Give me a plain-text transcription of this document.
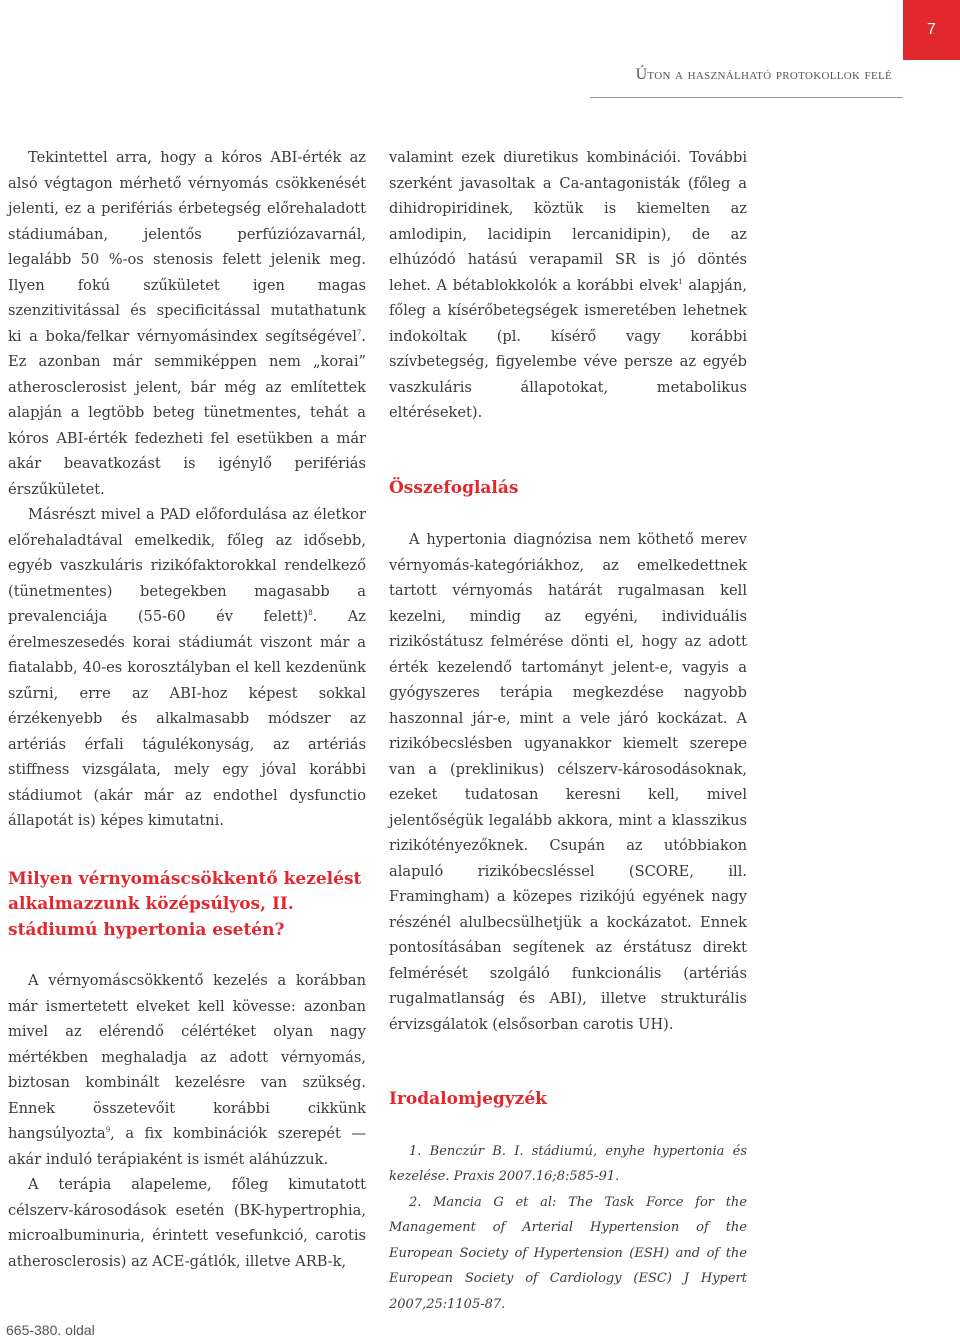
7
Úton a használható protokollok felé

Tekintettel arra, hogy a kóros ABI-érték az alsó végtagon mérhető vérnyomás csökkenését jelenti, ez a perifériás érbetegség előrehaladott stádiumában, jelentős perfúziózavarnál, legalább 50 %-os stenosis felett jelenik meg. Ilyen fokú szűkületet igen magas szenzitivitással és specificitással mutathatunk ki a boka/felkar vérnyomásindex segítségével$^7$. Ez azonban már semmiképpen nem „korai” atherosclerosist jelent, bár még az említettek alapján a legtöbb beteg tünetmentes, tehát a kóros ABI-érték fedezheti fel esetükben a már akár beavatkozást is igénylő perifériás érszűkületet.

Másrészt mivel a PAD előfordulása az életkor előrehaladtával emelkedik, főleg az idősebb, egyéb vaszkuláris rizikófaktorokkal rendelkező (tünetmentes) betegekben magasabb a prevalenciája (55-60 év felett)$^8$. Az érelmeszesedés korai stádiumát viszont már a fiatalabb, 40-es korosztályban el kell kezdenünk szűrni, erre az ABI-hoz képest sokkal érzékenyebb és alkalmasabb módszer az artériás érfali tágulékonyság, az artériás stiffness vizsgálata, mely egy jóval korábbi stádiumot (akár már az endothel dysfunctio állapotát is) képes kimutatni.

Milyen vérnyomáscsökkentő kezelést alkalmazzunk középsúlyos, II. stádiumú hypertonia esetén?

A vérnyomáscsökkentő kezelés a korábban már ismertetett elveket kell kövesse: azonban mivel az elérendő célértéket olyan nagy mértékben meghaladja az adott vérnyomás, biztosan kombinált kezelésre van szükség. Ennek összetevőit korábbi cikkünk hangsúlyozta$^9$, a fix kombinációk szerepét — akár induló terápiaként is ismét aláhúzzuk.

A terápia alapeleme, főleg kimutatott célszerv-károsodások esetén (BK-hypertrophia, microalbuminuria, érintett vesefunkció, carotis atherosclerosis) az ACE-gátlók, illetve ARB-k,

valamint ezek diuretikus kombinációi. További szerként javasoltak a Ca-antagonisták (főleg a dihidropiridinek, köztük is kiemelten az amlodipin, lacidipin lercanidipin), de az elhúzódó hatású verapamil SR is jó döntés lehet. A bétablokkolók a korábbi elvek$^1$ alapján, főleg a kísérőbetegségek ismeretében lehetnek indokoltak (pl. kísérő vagy korábbi szívbetegség, figyelembe véve persze az egyéb vaszkuláris állapotokat, metabolikus eltéréseket).

Összefoglalás

A hypertonia diagnózisa nem köthető merev vérnyomás-kategóriákhoz, az emelkedettnek tartott vérnyomás határát rugalmasan kell kezelni, mindig az egyéni, individuális rizikóstátusz felmérése dönti el, hogy az adott érték kezelendő tartományt jelent-e, vagyis a gyógyszeres terápia megkezdése nagyobb haszonnal jár-e, mint a vele járó kockázat. A rizikóbecslésben ugyanakkor kiemelt szerepe van a (preklinikus) célszerv-károsodásoknak, ezeket tudatosan keresni kell, mivel jelentőségük legalább akkora, mint a klasszikus rizikótényezőknek. Csupán az utóbbiakon alapuló rizikóbecsléssel (SCORE, ill. Framingham) a közepes rizikójú egyének nagy részénél alulbecsülhetjük a kockázatot. Ennek pontosításában segítenek az érstátusz direkt felmérését szolgáló funkcionális (artériás rugalmatlanság és ABI), illetve strukturális érvizsgálatok (elsősorban carotis UH).

Irodalomjegyzék

1. Benczúr B. I. stádiumú, enyhe hypertonia és kezelése. Praxis 2007.16;8:585-91.

2. Mancia G et al: The Task Force for the Management of Arterial Hypertension of the European Society of Hypertension (ESH) and of the European Society of Cardiology (ESC) J Hypert 2007,25:1105-87.

665-380. oldal
